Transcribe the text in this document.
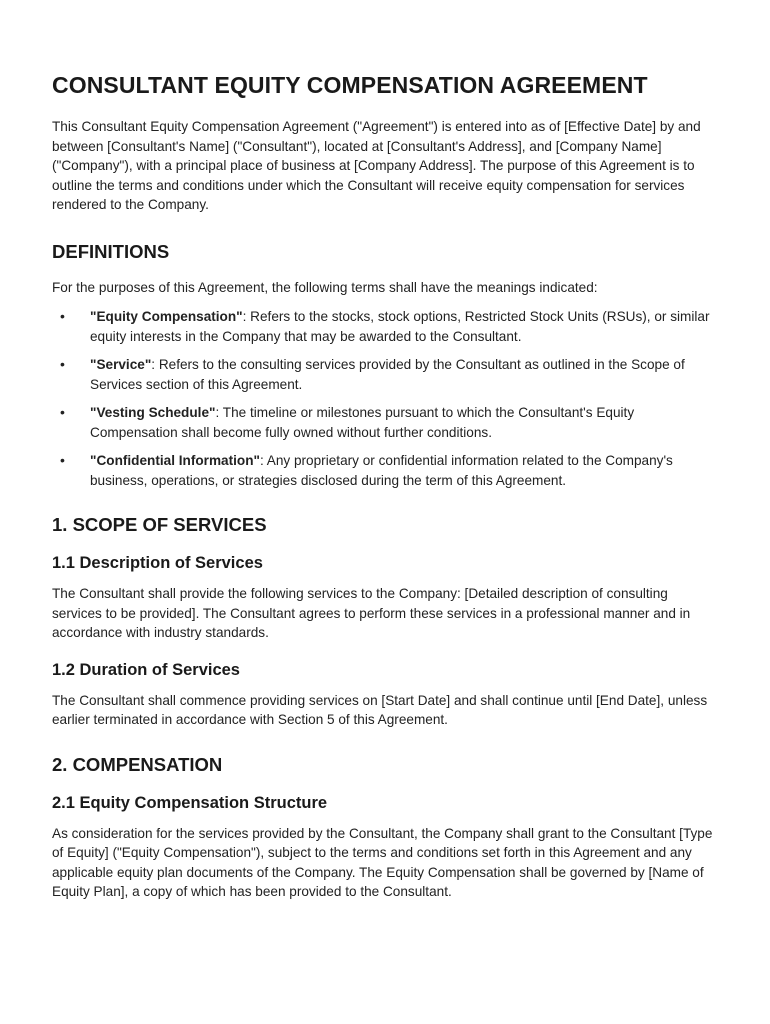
CONSULTANT EQUITY COMPENSATION AGREEMENT

This Consultant Equity Compensation Agreement ("Agreement") is entered into as of [Effective Date] by and between [Consultant's Name] ("Consultant"), located at [Consultant's Address], and [Company Name] ("Company"), with a principal place of business at [Company Address]. The purpose of this Agreement is to outline the terms and conditions under which the Consultant will receive equity compensation for services rendered to the Company.

DEFINITIONS

For the purposes of this Agreement, the following terms shall have the meanings indicated:

• "Equity Compensation": Refers to the stocks, stock options, Restricted Stock Units (RSUs), or similar equity interests in the Company that may be awarded to the Consultant.
• "Service": Refers to the consulting services provided by the Consultant as outlined in the Scope of Services section of this Agreement.
• "Vesting Schedule": The timeline or milestones pursuant to which the Consultant's Equity Compensation shall become fully owned without further conditions.
• "Confidential Information": Any proprietary or confidential information related to the Company's business, operations, or strategies disclosed during the term of this Agreement.
1. SCOPE OF SERVICES
1.1 Description of Services

The Consultant shall provide the following services to the Company: [Detailed description of consulting services to be provided]. The Consultant agrees to perform these services in a professional manner and in accordance with industry standards.

1.2 Duration of Services

The Consultant shall commence providing services on [Start Date] and shall continue until [End Date], unless earlier terminated in accordance with Section 5 of this Agreement.

2. COMPENSATION
2.1 Equity Compensation Structure

As consideration for the services provided by the Consultant, the Company shall grant to the Consultant [Type of Equity] ("Equity Compensation"), subject to the terms and conditions set forth in this Agreement and any applicable equity plan documents of the Company. The Equity Compensation shall be governed by [Name of Equity Plan], a copy of which has been provided to the Consultant.
